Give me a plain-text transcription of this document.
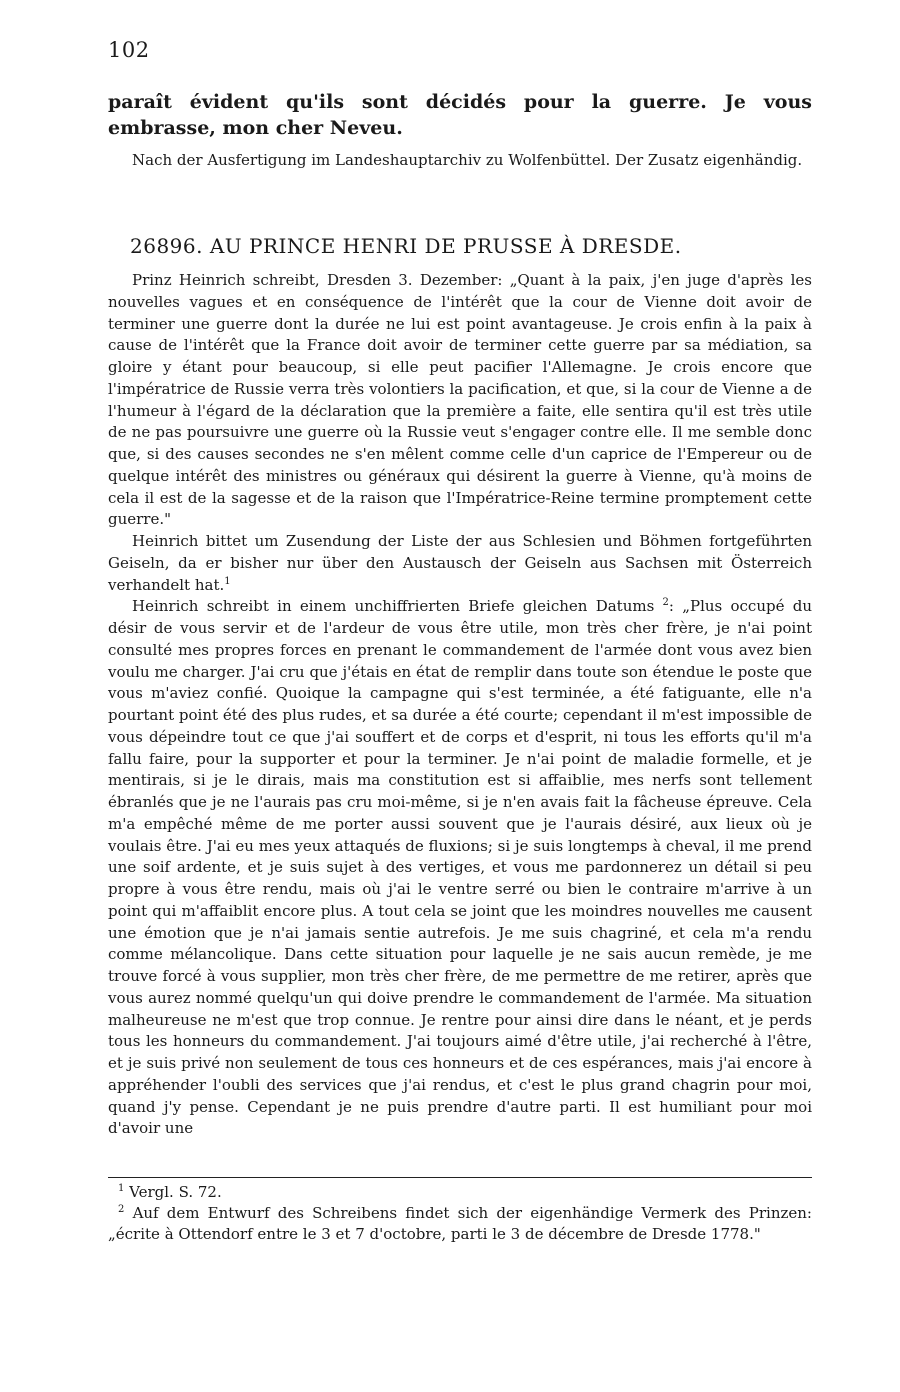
102
paraît évident qu'ils sont décidés pour la guerre. Je vous embrasse, mon cher Neveu.
Nach der Ausfertigung im Landeshauptarchiv zu Wolfenbüttel. Der Zusatz eigenhändig.
26896. AU PRINCE HENRI DE PRUSSE À DRESDE.

Prinz Heinrich schreibt, Dresden 3. Dezember: „Quant à la paix, j'en juge d'après les nouvelles vagues et en conséquence de l'intérêt que la cour de Vienne doit avoir de terminer une guerre dont la durée ne lui est point avantageuse. Je crois enfin à la paix à cause de l'intérêt que la France doit avoir de terminer cette guerre par sa médiation, sa gloire y étant pour beaucoup, si elle peut pacifier l'Allemagne. Je crois encore que l'impératrice de Russie verra très volontiers la pacification, et que, si la cour de Vienne a de l'humeur à l'égard de la déclaration que la première a faite, elle sentira qu'il est très utile de ne pas poursuivre une guerre où la Russie veut s'engager contre elle. Il me semble donc que, si des causes secondes ne s'en mêlent comme celle d'un caprice de l'Empereur ou de quelque intérêt des ministres ou généraux qui désirent la guerre à Vienne, qu'à moins de cela il est de la sagesse et de la raison que l'Impératrice-Reine termine promptement cette guerre."

Heinrich bittet um Zusendung der Liste der aus Schlesien und Böhmen fortgeführten Geiseln, da er bisher nur über den Austausch der Geiseln aus Sachsen mit Österreich verhandelt hat.$^1$

Heinrich schreibt in einem unchiffrierten Briefe gleichen Datums $^2$: „Plus occupé du désir de vous servir et de l'ardeur de vous être utile, mon très cher frère, je n'ai point consulté mes propres forces en prenant le commandement de l'armée dont vous avez bien voulu me charger. J'ai cru que j'étais en état de remplir dans toute son étendue le poste que vous m'aviez confié. Quoique la campagne qui s'est terminée, a été fatiguante, elle n'a pourtant point été des plus rudes, et sa durée a été courte; cependant il m'est impossible de vous dépeindre tout ce que j'ai souffert et de corps et d'esprit, ni tous les efforts qu'il m'a fallu faire, pour la supporter et pour la terminer. Je n'ai point de maladie formelle, et je mentirais, si je le dirais, mais ma constitution est si affaiblie, mes nerfs sont tellement ébranlés que je ne l'aurais pas cru moi-même, si je n'en avais fait la fâcheuse épreuve. Cela m'a empêché même de me porter aussi souvent que je l'aurais désiré, aux lieux où je voulais être. J'ai eu mes yeux attaqués de fluxions; si je suis longtemps à cheval, il me prend une soif ardente, et je suis sujet à des vertiges, et vous me pardonnerez un détail si peu propre à vous être rendu, mais où j'ai le ventre serré ou bien le contraire m'arrive à un point qui m'affaiblit encore plus. A tout cela se joint que les moindres nouvelles me causent une émotion que je n'ai jamais sentie autrefois. Je me suis chagriné, et cela m'a rendu comme mélancolique. Dans cette situation pour laquelle je ne sais aucun remède, je me trouve forcé à vous supplier, mon très cher frère, de me permettre de me retirer, après que vous aurez nommé quelqu'un qui doive prendre le commandement de l'armée. Ma situation malheureuse ne m'est que trop connue. Je rentre pour ainsi dire dans le néant, et je perds tous les honneurs du commandement. J'ai toujours aimé d'être utile, j'ai recherché à l'être, et je suis privé non seulement de tous ces honneurs et de ces espérances, mais j'ai encore à appréhender l'oubli des services que j'ai rendus, et c'est le plus grand chagrin pour moi, quand j'y pense. Cependant je ne puis prendre d'autre parti. Il est humiliant pour moi d'avoir une

$^1$ Vergl. S. 72.

$^2$ Auf dem Entwurf des Schreibens findet sich der eigenhändige Vermerk des Prinzen: „écrite à Ottendorf entre le 3 et 7 d'octobre, parti le 3 de décembre de Dresde 1778."
